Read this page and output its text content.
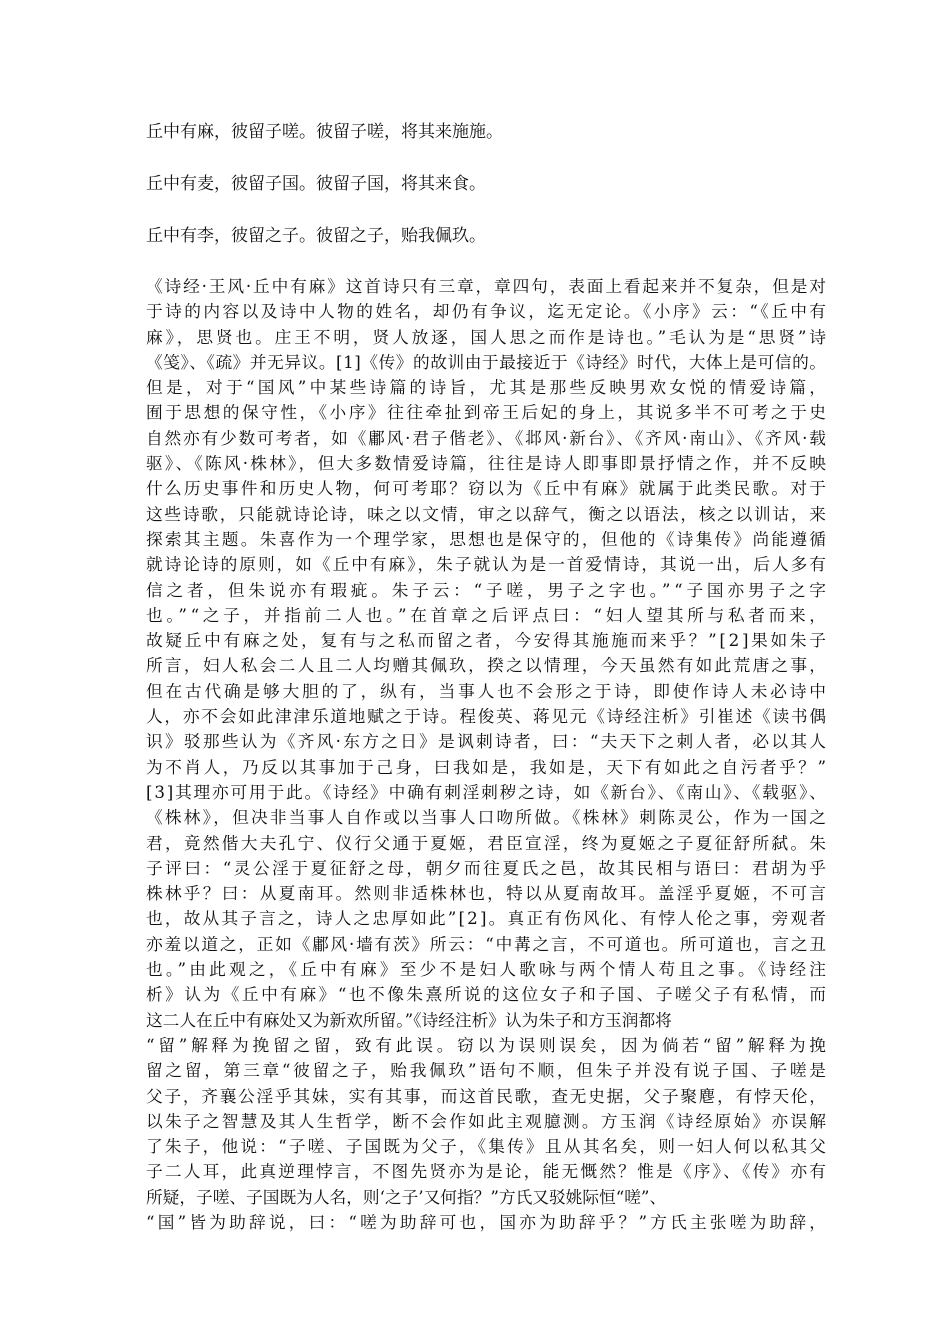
丘中有麻，彼留子嗟。彼留子嗟，将其来施施。

丘中有麦，彼留子国。彼留子国，将其来食。

丘中有李，彼留之子。彼留之子，贻我佩玖。

《诗经·王风·丘中有麻》这首诗只有三章，章四句，表面上看起来并不复杂，但是对
于诗的内容以及诗中人物的姓名，却仍有争议，迄无定论。《小序》云：“《丘中有
麻》，思贤也。庄王不明，贤人放逐，国人思之而作是诗也。”毛认为是“思贤”诗
《笺》、《疏》并无异议。[1]《传》的故训由于最接近于《诗经》时代，大体上是可信的。
但是，对于“国风”中某些诗篇的诗旨，尤其是那些反映男欢女悦的情爱诗篇，
囿于思想的保守性，《小序》往往牵扯到帝王后妃的身上，其说多半不可考之于史
自然亦有少数可考者，如《鄘风·君子偕老》、《邶风·新台》、《齐风·南山》、《齐风·载
驱》、《陈风·株林》，但大多数情爱诗篇，往往是诗人即事即景抒情之作，并不反映
什么历史事件和历史人物，何可考耶？窃以为《丘中有麻》就属于此类民歌。对于
这些诗歌，只能就诗论诗，味之以文情，审之以辞气，衡之以语法，核之以训诂，来
探索其主题。朱喜作为一个理学家，思想也是保守的，但他的《诗集传》尚能遵循
就诗论诗的原则，如《丘中有麻》，朱子就认为是一首爱情诗，其说一出，后人多有
信之者，但朱说亦有瑕疵。朱子云：“子嗟，男子之字也。”“子国亦男子之字
也。”“之子，并指前二人也。”在首章之后评点曰：“妇人望其所与私者而来，
故疑丘中有麻之处，复有与之私而留之者，今安得其施施而来乎？”[2]果如朱子
所言，妇人私会二人且二人均赠其佩玖，揆之以情理，今天虽然有如此荒唐之事，
但在古代确是够大胆的了，纵有，当事人也不会形之于诗，即使作诗人未必诗中
人，亦不会如此津津乐道地赋之于诗。程俊英、蒋见元《诗经注析》引崔述《读书偶
识》驳那些认为《齐风·东方之日》是讽刺诗者，曰：“夫天下之刺人者，必以其人
为不肖人，乃反以其事加于己身，曰我如是，我如是，天下有如此之自污者乎？”
[3]其理亦可用于此。《诗经》中确有刺淫刺秽之诗，如《新台》、《南山》、《载驱》、
《株林》，但决非当事人自作或以当事人口吻所做。《株林》刺陈灵公，作为一国之
君，竟然偕大夫孔宁、仪行父通于夏姬，君臣宣淫，终为夏姬之子夏征舒所弑。朱
子评曰：“灵公淫于夏征舒之母，朝夕而往夏氏之邑，故其民相与语曰：君胡为乎
株林乎？曰：从夏南耳。然则非适株林也，特以从夏南故耳。盖淫乎夏姬，不可言
也，故从其子言之，诗人之忠厚如此”[2]。真正有伤风化、有悖人伦之事，旁观者
亦羞以道之，正如《鄘风·墙有茨》所云：“中冓之言，不可道也。所可道也，言之丑
也。”由此观之，《丘中有麻》至少不是妇人歌咏与两个情人苟且之事。《诗经注
析》认为《丘中有麻》“也不像朱熹所说的这位女子和子国、子嗟父子有私情，而
这二人在丘中有麻处又为新欢所留。”《诗经注析》认为朱子和方玉润都将
“留”解释为挽留之留，致有此误。窃以为误则误矣，因为倘若“留”解释为挽
留之留，第三章“彼留之子，贻我佩玖”语句不顺，但朱子并没有说子国、子嗟是
父子，齐襄公淫乎其妹，实有其事，而这首民歌，查无史据，父子聚麀，有悖天伦，
以朱子之智慧及其人生哲学，断不会作如此主观臆测。方玉润《诗经原始》亦误解
了朱子，他说：“子嗟、子国既为父子，《集传》且从其名矣，则一妇人何以私其父
子二人耳，此真逆理悖言，不图先贤亦为是论，能无慨然？惟是《序》、《传》亦有
所疑，子嗟、子国既为人名，则‘之子’又何指？”方氏又驳姚际恒“嗟”、
“国”皆为助辞说，曰：“嗟为助辞可也，国亦为助辞乎？”方氏主张嗟为助辞，
